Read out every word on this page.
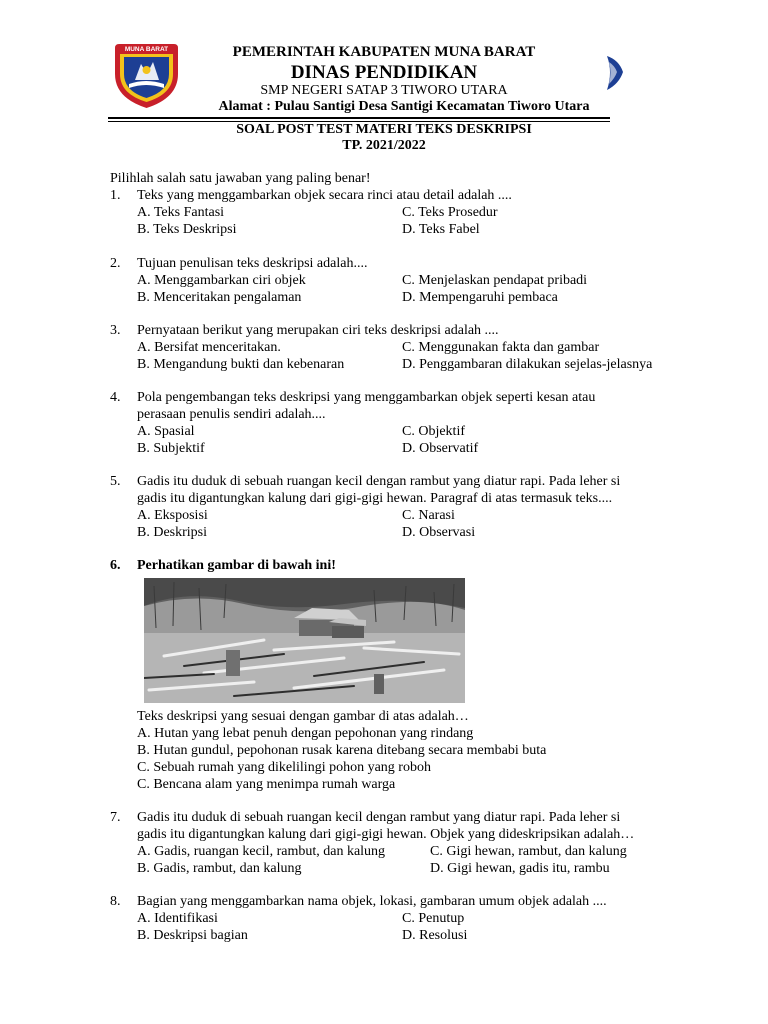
MUNA BARAT	PEMERINTAH KABUPATEN MUNA BARAT
DINAS PENDIDIKAN
SMP NEGERI SATAP 3 TIWORO UTARA
Alamat : Pulau Santigi Desa Santigi Kecamatan Tiworo Utara
SOAL POST TEST MATERI TEKS DESKRIPSI
TP. 2021/2022
Pilihlah salah satu jawaban yang paling benar!
1. Teks yang menggambarkan objek secara rinci atau detail adalah ....
A. Teks Fantasi	C. Teks Prosedur
B. Teks Deskripsi	D. Teks Fabel
2. Tujuan penulisan teks deskripsi adalah....
A. Menggambarkan ciri objek	C. Menjelaskan pendapat pribadi
B. Menceritakan pengalaman	D. Mempengaruhi pembaca
3. Pernyataan berikut yang merupakan ciri teks deskripsi adalah ....
A. Bersifat menceritakan.	C. Menggunakan fakta dan gambar
B. Mengandung bukti dan kebenaran	D. Penggambaran dilakukan sejelas-jelasnya
4. Pola pengembangan teks deskripsi yang menggambarkan objek seperti kesan atau
perasaan penulis sendiri adalah....
A. Spasial	C. Objektif
B. Subjektif	D. Observatif
5. Gadis itu duduk di sebuah ruangan kecil dengan rambut yang diatur rapi. Pada leher si
gadis itu digantungkan kalung dari gigi-gigi hewan. Paragraf di atas termasuk teks....
A. Eksposisi	C. Narasi
B. Deskripsi	D. Observasi
6. Perhatikan gambar di bawah ini!
Teks deskripsi yang sesuai dengan gambar di atas adalah…
A. Hutan yang lebat penuh dengan pepohonan yang rindang
B. Hutan gundul, pepohonan rusak karena ditebang secara membabi buta
C. Sebuah rumah yang dikelilingi pohon yang roboh
C. Bencana alam yang menimpa rumah warga
7. Gadis itu duduk di sebuah ruangan kecil dengan rambut yang diatur rapi. Pada leher si
gadis itu digantungkan kalung dari gigi-gigi hewan. Objek yang dideskripsikan adalah…
A. Gadis, ruangan kecil, rambut, dan kalung	C. Gigi hewan, rambut, dan kalung
B. Gadis, rambut, dan kalung	D. Gigi hewan, gadis itu, rambu
8. Bagian yang menggambarkan nama objek, lokasi, gambaran umum objek adalah ....
A. Identifikasi	C. Penutup
B. Deskripsi bagian	D. Resolusi
